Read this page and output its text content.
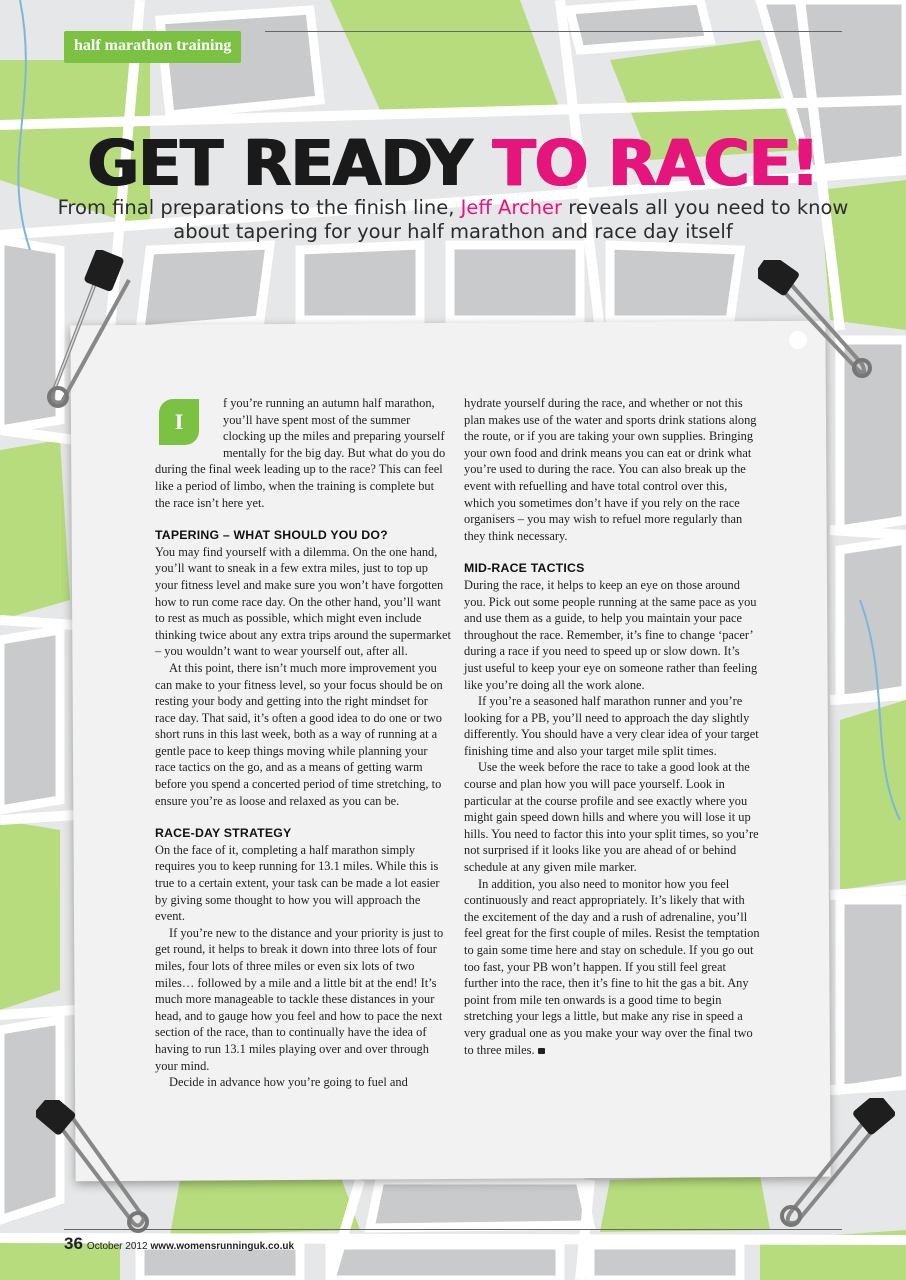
half marathon training
GET READY TO RACE!
From final preparations to the finish line, Jeff Archer reveals all you need to know about tapering for your half marathon and race day itself
I

f you’re running an autumn half marathon, you’ll have spent most of the summer clocking up the miles and preparing yourself mentally for the big day. But what do you do during the final week leading up to the race? This can feel like a period of limbo, when the training is complete but the race isn’t here yet.

TAPERING – WHAT SHOULD YOU DO?

You may find yourself with a dilemma. On the one hand, you’ll want to sneak in a few extra miles, just to top up your fitness level and make sure you won’t have forgotten how to run come race day. On the other hand, you’ll want to rest as much as possible, which might even include thinking twice about any extra trips around the supermarket – you wouldn’t want to wear yourself out, after all.

At this point, there isn’t much more improvement you can make to your fitness level, so your focus should be on resting your body and getting into the right mindset for race day. That said, it’s often a good idea to do one or two short runs in this last week, both as a way of running at a gentle pace to keep things moving while planning your race tactics on the go, and as a means of getting warm before you spend a concerted period of time stretching, to ensure you’re as loose and relaxed as you can be.

RACE-DAY STRATEGY

On the face of it, completing a half marathon simply requires you to keep running for 13.1 miles. While this is true to a certain extent, your task can be made a lot easier by giving some thought to how you will approach the event.

If you’re new to the distance and your priority is just to get round, it helps to break it down into three lots of four miles, four lots of three miles or even six lots of two miles… followed by a mile and a little bit at the end! It’s much more manageable to tackle these distances in your head, and to gauge how you feel and how to pace the next section of the race, than to continually have the idea of having to run 13.1 miles playing over and over through your mind.

Decide in advance how you’re going to fuel and

hydrate yourself during the race, and whether or not this plan makes use of the water and sports drink stations along the route, or if you are taking your own supplies. Bringing your own food and drink means you can eat or drink what you’re used to during the race. You can also break up the event with refuelling and have total control over this, which you sometimes don’t have if you rely on the race organisers – you may wish to refuel more regularly than they think necessary.

MID-RACE TACTICS

During the race, it helps to keep an eye on those around you. Pick out some people running at the same pace as you and use them as a guide, to help you maintain your pace throughout the race. Remember, it’s fine to change ‘pacer’ during a race if you need to speed up or slow down. It’s just useful to keep your eye on someone rather than feeling like you’re doing all the work alone.

If you’re a seasoned half marathon runner and you’re looking for a PB, you’ll need to approach the day slightly differently. You should have a very clear idea of your target finishing time and also your target mile split times.

Use the week before the race to take a good look at the course and plan how you will pace yourself. Look in particular at the course profile and see exactly where you might gain speed down hills and where you will lose it up hills. You need to factor this into your split times, so you’re not surprised if it looks like you are ahead of or behind schedule at any given mile marker.

In addition, you also need to monitor how you feel continuously and react appropriately. It’s likely that with the excitement of the day and a rush of adrenaline, you’ll feel great for the first couple of miles. Resist the temptation to gain some time here and stay on schedule. If you go out too fast, your PB won’t happen. If you still feel great further into the race, then it’s fine to hit the gas a bit. Any point from mile ten onwards is a good time to begin stretching your legs a little, but make any rise in speed a very gradual one as you make your way over the final two to three miles.

36 October 2012 www.womensrunninguk.co.uk
